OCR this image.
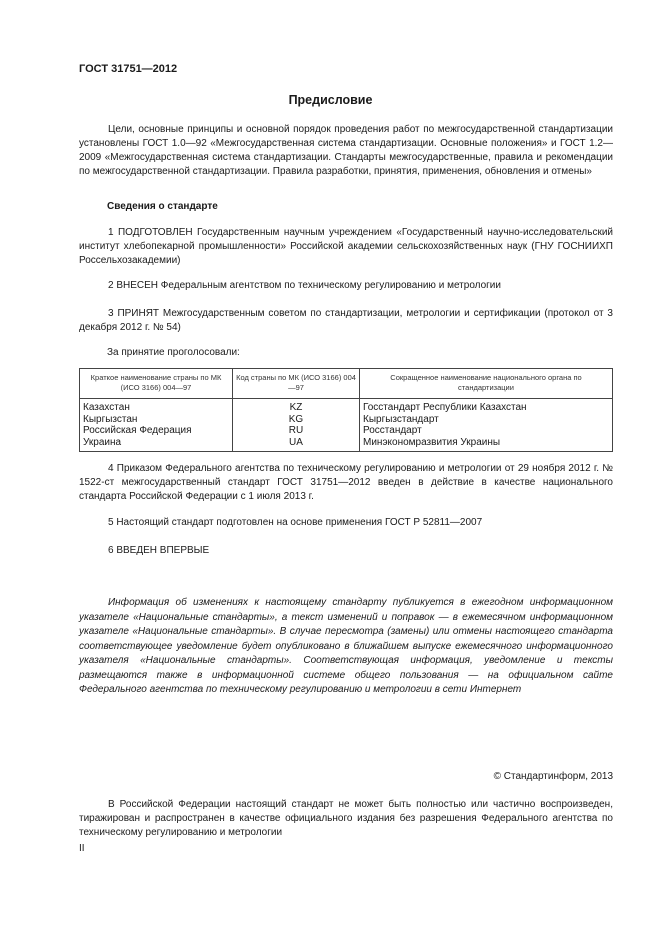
ГОСТ 31751—2012
Предисловие

Цели, основные принципы и основной порядок проведения работ по межгосударственной стандартизации установлены ГОСТ 1.0—92 «Межгосударственная система стандартизации. Основные положения» и ГОСТ 1.2—2009 «Межгосударственная система стандартизации. Стандарты межгосударственные, правила и рекомендации по межгосударственной стандартизации. Правила разработки, принятия, применения, обновления и отмены»

Сведения о стандарте

1 ПОДГОТОВЛЕН Государственным научным учреждением «Государственный научно-исследовательский институт хлебопекарной промышленности» Российской академии сельскохозяйственных наук (ГНУ ГОСНИИХП Россельхозакадемии)

2 ВНЕСЕН Федеральным агентством по техническому регулированию и метрологии

3 ПРИНЯТ Межгосударственным советом по стандартизации, метрологии и сертификации (протокол от 3 декабря 2012 г. № 54)

За принятие проголосовали:
Краткое наименование страны по МК (ИСО 3166) 004—97	Код страны по МК (ИСО 3166) 004—97	Сокращенное наименование национального органа по стандартизации
Казахстан	KZ	Госстандарт Республики Казахстан
Кыргызстан	KG	Кыргызстандарт
Российская Федерация	RU	Росстандарт
Украина	UA	Минэкономразвития Украины

4 Приказом Федерального агентства по техническому регулированию и метрологии от 29 ноября 2012 г. № 1522-ст межгосударственный стандарт ГОСТ 31751—2012 введен в действие в качестве национального стандарта Российской Федерации с 1 июля 2013 г.

5 Настоящий стандарт подготовлен на основе применения ГОСТ Р 52811—2007

6 ВВЕДЕН ВПЕРВЫЕ

Информация об изменениях к настоящему стандарту публикуется в ежегодном информационном указателе «Национальные стандарты», а текст изменений и поправок — в ежемесячном информационном указателе «Национальные стандарты». В случае пересмотра (замены) или отмены настоящего стандарта соответствующее уведомление будет опубликовано в ближайшем выпуске ежемесячного информационного указателя «Национальные стандарты». Соответствующая информация, уведомление и тексты размещаются также в информационной системе общего пользования — на официальном сайте Федерального агентства по техническому регулированию и метрологии в сети Интернет

© Стандартинформ, 2013

В Российской Федерации настоящий стандарт не может быть полностью или частично воспроизведен, тиражирован и распространен в качестве официального издания без разрешения Федерального агентства по техническому регулированию и метрологии

II
